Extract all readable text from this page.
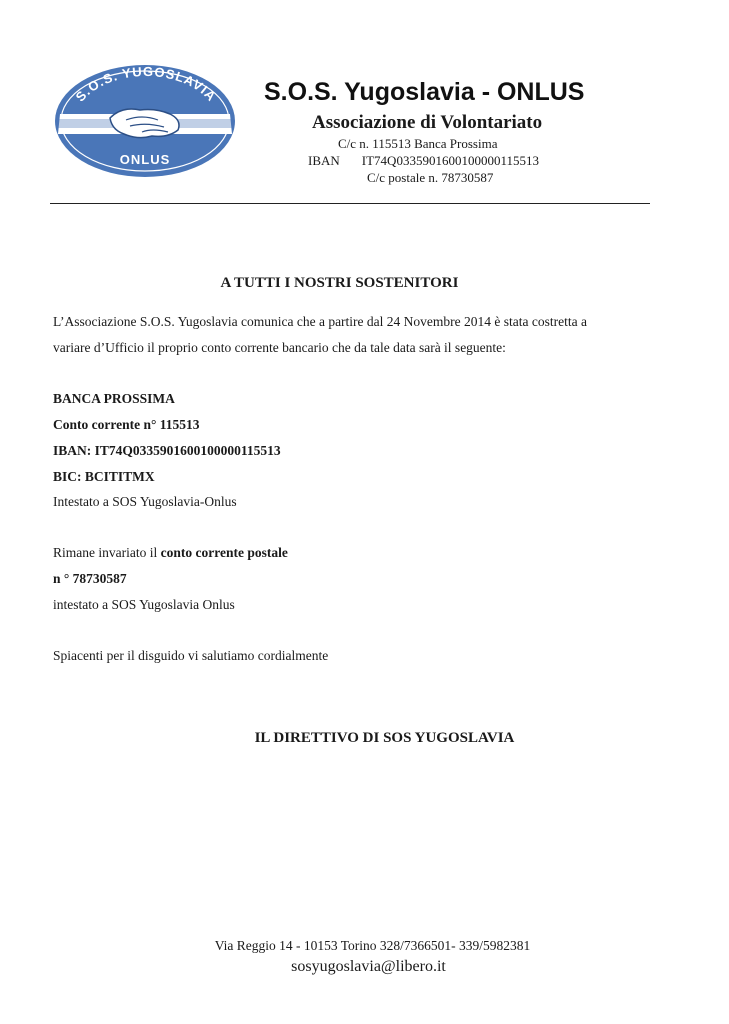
S.O.S. YUGOSLAVIA
ONLUS
S.O.S. Yugoslavia - ONLUS
Associazione di Volontariato
C/c n. 115513 Banca Prossima
IBAN IT74Q0335901600100000115513
C/c postale n. 78730587
A TUTTI I NOSTRI SOSTENITORI
L’Associazione S.O.S. Yugoslavia comunica che a partire dal 24 Novembre 2014 è stata costretta a
variare d’Ufficio il proprio conto corrente bancario che da tale data sarà il seguente:
BANCA PROSSIMA
Conto corrente n° 115513
IBAN: IT74Q0335901600100000115513
BIC: BCITITMX
Intestato a SOS Yugoslavia-Onlus
Rimane invariato il conto corrente postale
n ° 78730587
intestato a SOS Yugoslavia Onlus
Spiacenti per il disguido vi salutiamo cordialmente
IL DIRETTIVO DI SOS YUGOSLAVIA
Via Reggio 14 - 10153 Torino 328/7366501- 339/5982381
sosyugoslavia@libero.it
